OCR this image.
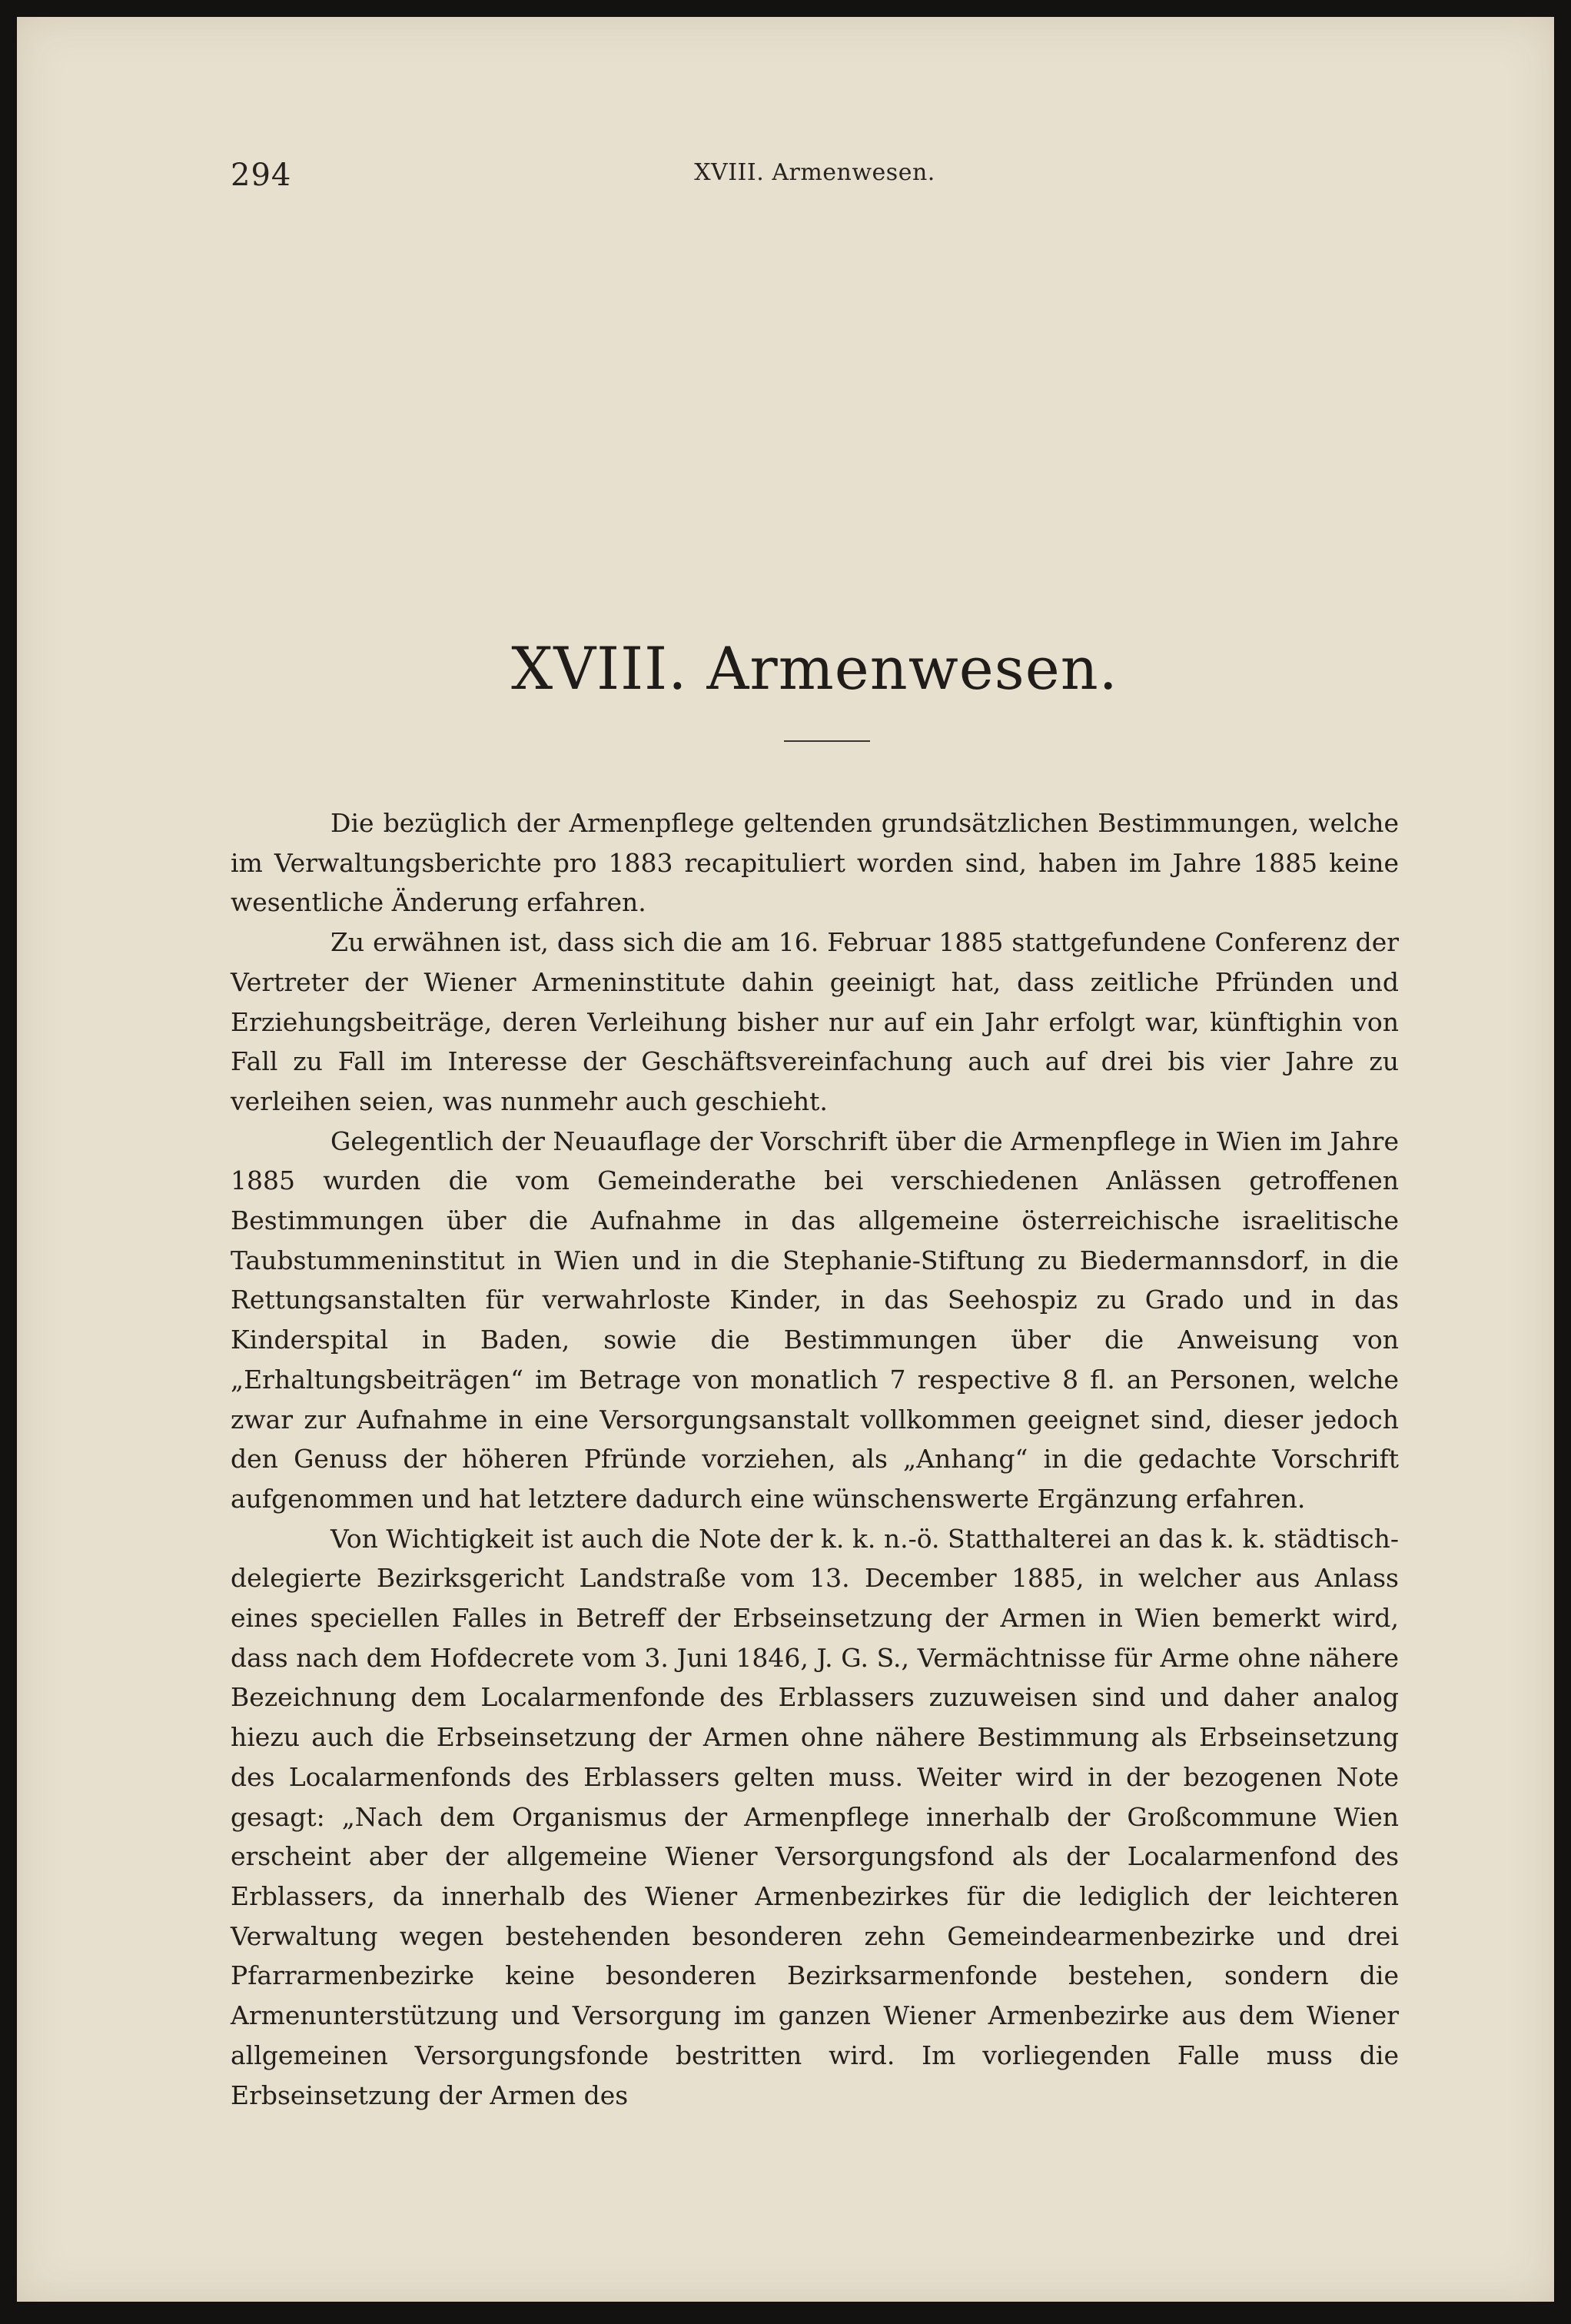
294	XVIII. Armenwesen.
XVIII. Armenwesen.

Die bezüglich der Armenpflege geltenden grundsätzlichen Bestimmungen, welche im Verwaltungsberichte pro 1883 recapituliert worden sind, haben im Jahre 1885 keine wesentliche Änderung erfahren.

Zu erwähnen ist, dass sich die am 16. Februar 1885 stattgefundene Conferenz der Vertreter der Wiener Armeninstitute dahin geeinigt hat, dass zeitliche Pfründen und Erziehungsbeiträge, deren Verleihung bisher nur auf ein Jahr erfolgt war, künftighin von Fall zu Fall im Interesse der Geschäftsvereinfachung auch auf drei bis vier Jahre zu verleihen seien, was nunmehr auch geschieht.

Gelegentlich der Neuauflage der Vorschrift über die Armenpflege in Wien im Jahre 1885 wurden die vom Gemeinderathe bei verschiedenen Anlässen getroffenen Bestimmungen über die Aufnahme in das allgemeine österreichische israelitische Taubstummeninstitut in Wien und in die Stephanie-Stiftung zu Biedermannsdorf, in die Rettungsanstalten für verwahrloste Kinder, in das Seehospiz zu Grado und in das Kinderspital in Baden, sowie die Bestimmungen über die Anweisung von „Erhaltungsbeiträgen“ im Betrage von monatlich 7 respective 8 fl. an Personen, welche zwar zur Aufnahme in eine Versorgungsanstalt vollkommen geeignet sind, dieser jedoch den Genuss der höheren Pfründe vorziehen, als „Anhang“ in die gedachte Vorschrift aufgenommen und hat letztere dadurch eine wünschenswerte Ergänzung erfahren.

Von Wichtigkeit ist auch die Note der k. k. n.-ö. Statthalterei an das k. k. städtisch-delegierte Bezirksgericht Landstraße vom 13. December 1885, in welcher aus Anlass eines speciellen Falles in Betreff der Erbseinsetzung der Armen in Wien bemerkt wird, dass nach dem Hofdecrete vom 3. Juni 1846, J. G. S., Vermächtnisse für Arme ohne nähere Bezeichnung dem Localarmenfonde des Erblassers zuzuweisen sind und daher analog hiezu auch die Erbseinsetzung der Armen ohne nähere Bestimmung als Erbseinsetzung des Localarmenfonds des Erblassers gelten muss. Weiter wird in der bezogenen Note gesagt: „Nach dem Organismus der Armenpflege innerhalb der Großcommune Wien erscheint aber der allgemeine Wiener Versorgungsfond als der Localarmenfond des Erblassers, da innerhalb des Wiener Armenbezirkes für die lediglich der leichteren Verwaltung wegen bestehenden besonderen zehn Gemeindearmenbezirke und drei Pfarrarmenbezirke keine besonderen Bezirksarmenfonde bestehen, sondern die Armenunterstützung und Versorgung im ganzen Wiener Armenbezirke aus dem Wiener allgemeinen Versorgungsfonde bestritten wird. Im vorliegenden Falle muss die Erbseinsetzung der Armen des
